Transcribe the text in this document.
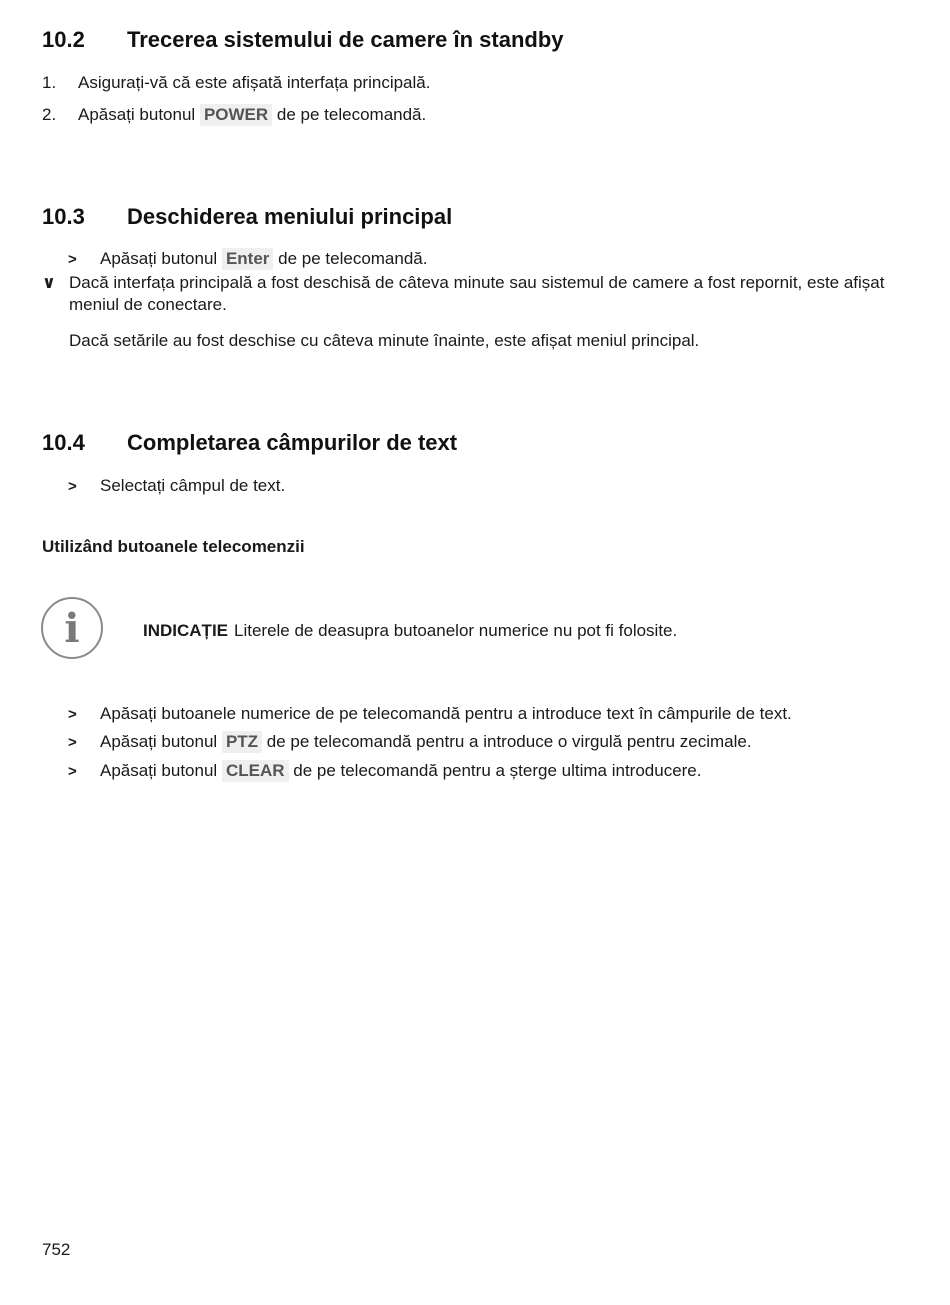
10.2 Trecerea sistemului de camere în standby
1. Asigurați-vă că este afișată interfața principală.
2. Apăsați butonul POWER de pe telecomandă.
10.3 Deschiderea meniului principal
> Apăsați butonul Enter de pe telecomandă.
∨ Dacă interfața principală a fost deschisă de câteva minute sau sistemul de camere a fost repornit, este afișat meniul de conectare.
Dacă setările au fost deschise cu câteva minute înainte, este afișat meniul principal.
10.4 Completarea câmpurilor de text
> Selectați câmpul de text.
Utilizând butoanele telecomenzii
i	INDICAȚIE Literele de deasupra butoanelor numerice nu pot fi folosite.
> Apăsați butoanele numerice de pe telecomandă pentru a introduce text în câmpurile de text.
> Apăsați butonul PTZ de pe telecomandă pentru a introduce o virgulă pentru zecimale.
> Apăsați butonul CLEAR de pe telecomandă pentru a șterge ultima introducere.
752
